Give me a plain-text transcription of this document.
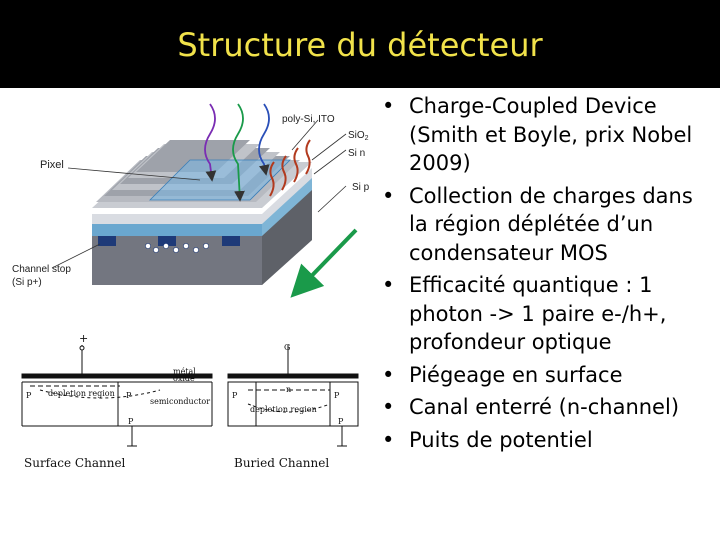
Structure du détecteur
poly-Si, ITO
SiO$_2$
Si n
Pixel
Si p
Channel stop
(Si p+)
+
G
métal
oxide
depletion region
P	P
semiconductor
P
n
P	P
depletion region
P
Surface Channel	Buried Channel
• Charge-Coupled Device (Smith et Boyle, prix Nobel 2009)
• Collection de charges dans la région déplétée d’un condensateur MOS
• Efficacité quantique : 1 photon -> 1 paire e-/h+, profondeur optique
• Piégeage en surface
• Canal enterré (n-channel)
• Puits de potentiel
